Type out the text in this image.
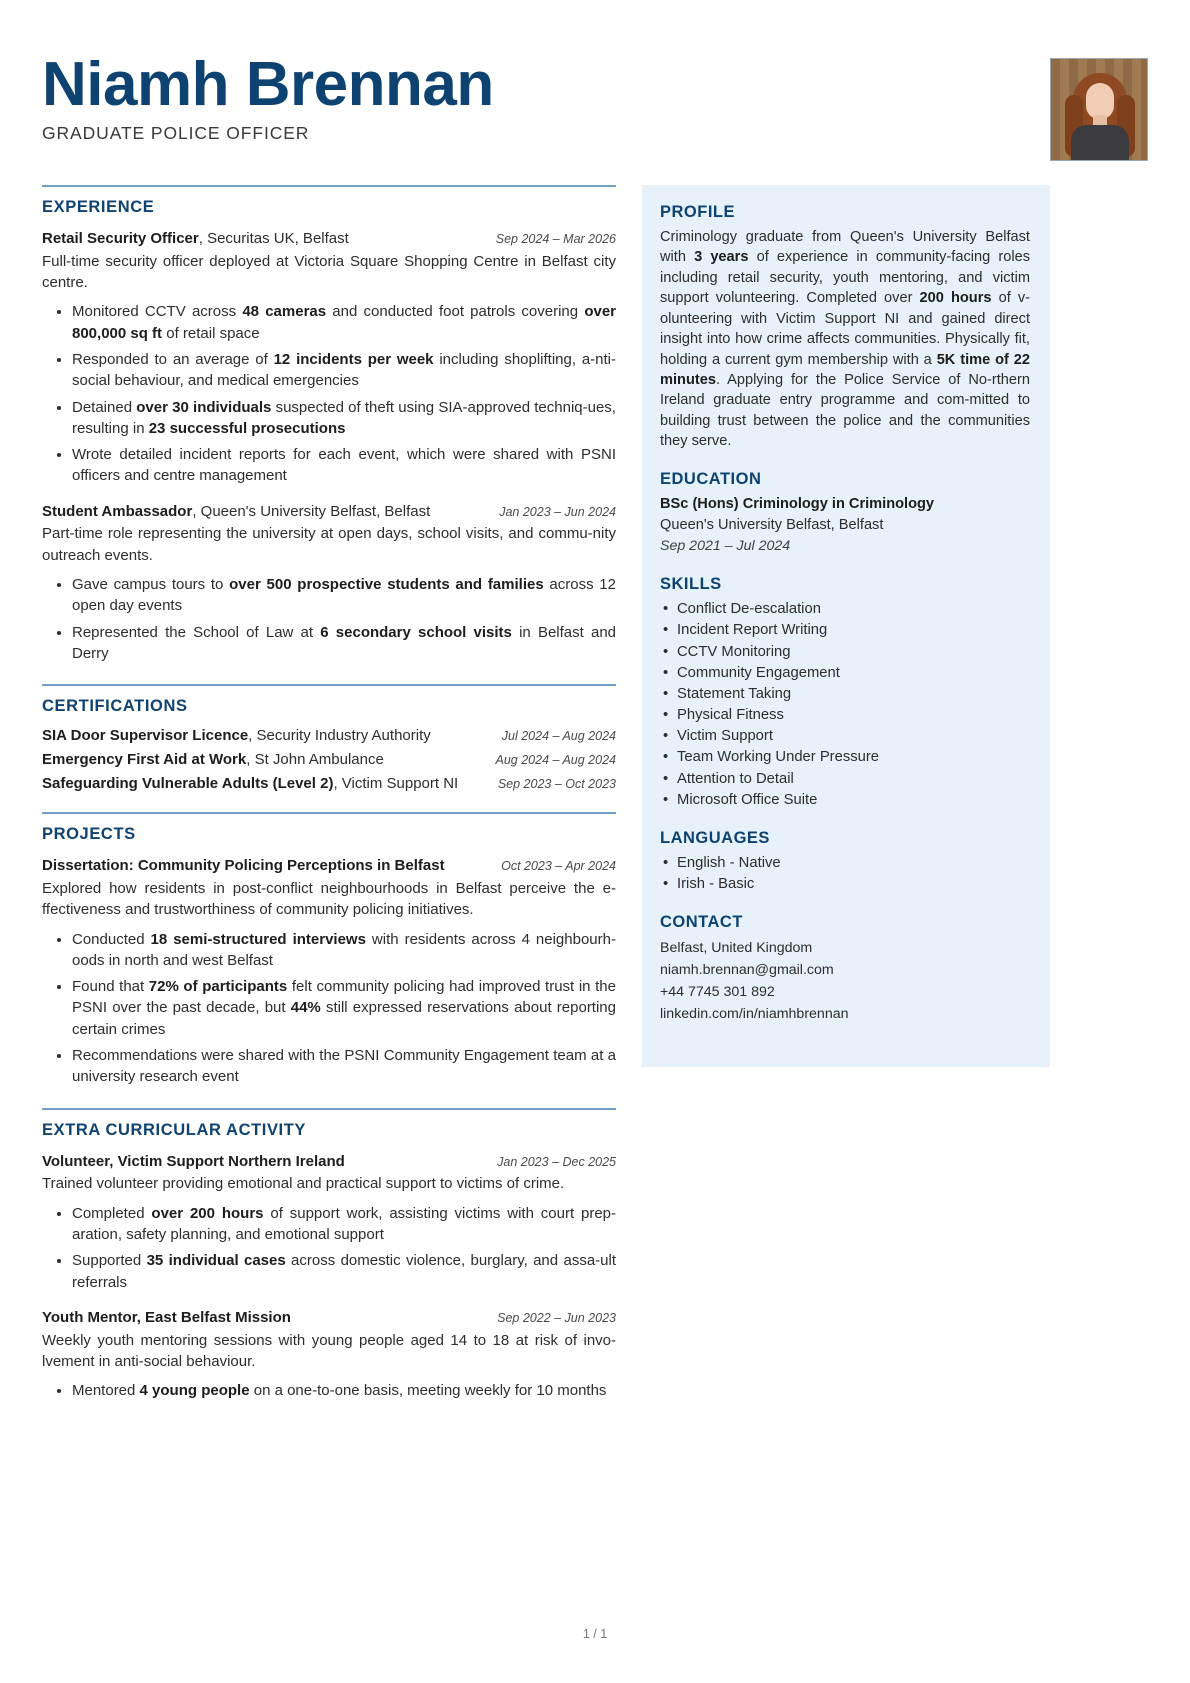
Niamh Brennan
GRADUATE POLICE OFFICER
EXPERIENCE
Retail Security Officer, Securitas UK, Belfast	Sep 2024 – Mar 2026
Full-time security officer deployed at Victoria Square Shopping Centre in Belfast city centre.
• Monitored CCTV across 48 cameras and conducted foot patrols covering over 800,000 sq ft of retail space
• Responded to an average of 12 incidents per week including shoplifting, a-nti-social behaviour, and medical emergencies
• Detained over 30 individuals suspected of theft using SIA-approved techniq-ues, resulting in 23 successful prosecutions
• Wrote detailed incident reports for each event, which were shared with PSNI officers and centre management
Student Ambassador, Queen's University Belfast, Belfast	Jan 2023 – Jun 2024
Part-time role representing the university at open days, school visits, and commu-nity outreach events.
• Gave campus tours to over 500 prospective students and families across 12 open day events
• Represented the School of Law at 6 secondary school visits in Belfast and Derry
CERTIFICATIONS
SIA Door Supervisor Licence, Security Industry Authority	Jul 2024 – Aug 2024
Emergency First Aid at Work, St John Ambulance	Aug 2024 – Aug 2024
Safeguarding Vulnerable Adults (Level 2), Victim Support NI	Sep 2023 – Oct 2023
PROJECTS
Dissertation: Community Policing Perceptions in Belfast	Oct 2023 – Apr 2024
Explored how residents in post-conflict neighbourhoods in Belfast perceive the e-ffectiveness and trustworthiness of community policing initiatives.
• Conducted 18 semi-structured interviews with residents across 4 neighbourh-oods in north and west Belfast
• Found that 72% of participants felt community policing had improved trust in the PSNI over the past decade, but 44% still expressed reservations about reporting certain crimes
• Recommendations were shared with the PSNI Community Engagement team at a university research event
EXTRA CURRICULAR ACTIVITY
Volunteer, Victim Support Northern Ireland	Jan 2023 – Dec 2025
Trained volunteer providing emotional and practical support to victims of crime.
• Completed over 200 hours of support work, assisting victims with court prep-aration, safety planning, and emotional support
• Supported 35 individual cases across domestic violence, burglary, and assa-ult referrals
Youth Mentor, East Belfast Mission	Sep 2022 – Jun 2023
Weekly youth mentoring sessions with young people aged 14 to 18 at risk of invo-lvement in anti-social behaviour.
• Mentored 4 young people on a one-to-one basis, meeting weekly for 10 months
PROFILE
Criminology graduate from Queen's University Belfast with 3 years of experience in community-facing roles including retail security, youth mentoring, and victim support volunteering. Completed over 200 hours of v-olunteering with Victim Support NI and gained direct insight into how crime affects communities. Physically fit, holding a current gym membership with a 5K time of 22 minutes. Applying for the Police Service of No-rthern Ireland graduate entry programme and com-mitted to building trust between the police and the communities they serve.
EDUCATION
BSc (Hons) Criminology in Criminology
Queen's University Belfast, Belfast
Sep 2021 – Jul 2024
SKILLS
• Conflict De-escalation
• Incident Report Writing
• CCTV Monitoring
• Community Engagement
• Statement Taking
• Physical Fitness
• Victim Support
• Team Working Under Pressure
• Attention to Detail
• Microsoft Office Suite
LANGUAGES
• English - Native
• Irish - Basic
CONTACT
Belfast, United Kingdom
niamh.brennan@gmail.com
+44 7745 301 892
linkedin.com/in/niamhbrennan
1 / 1
